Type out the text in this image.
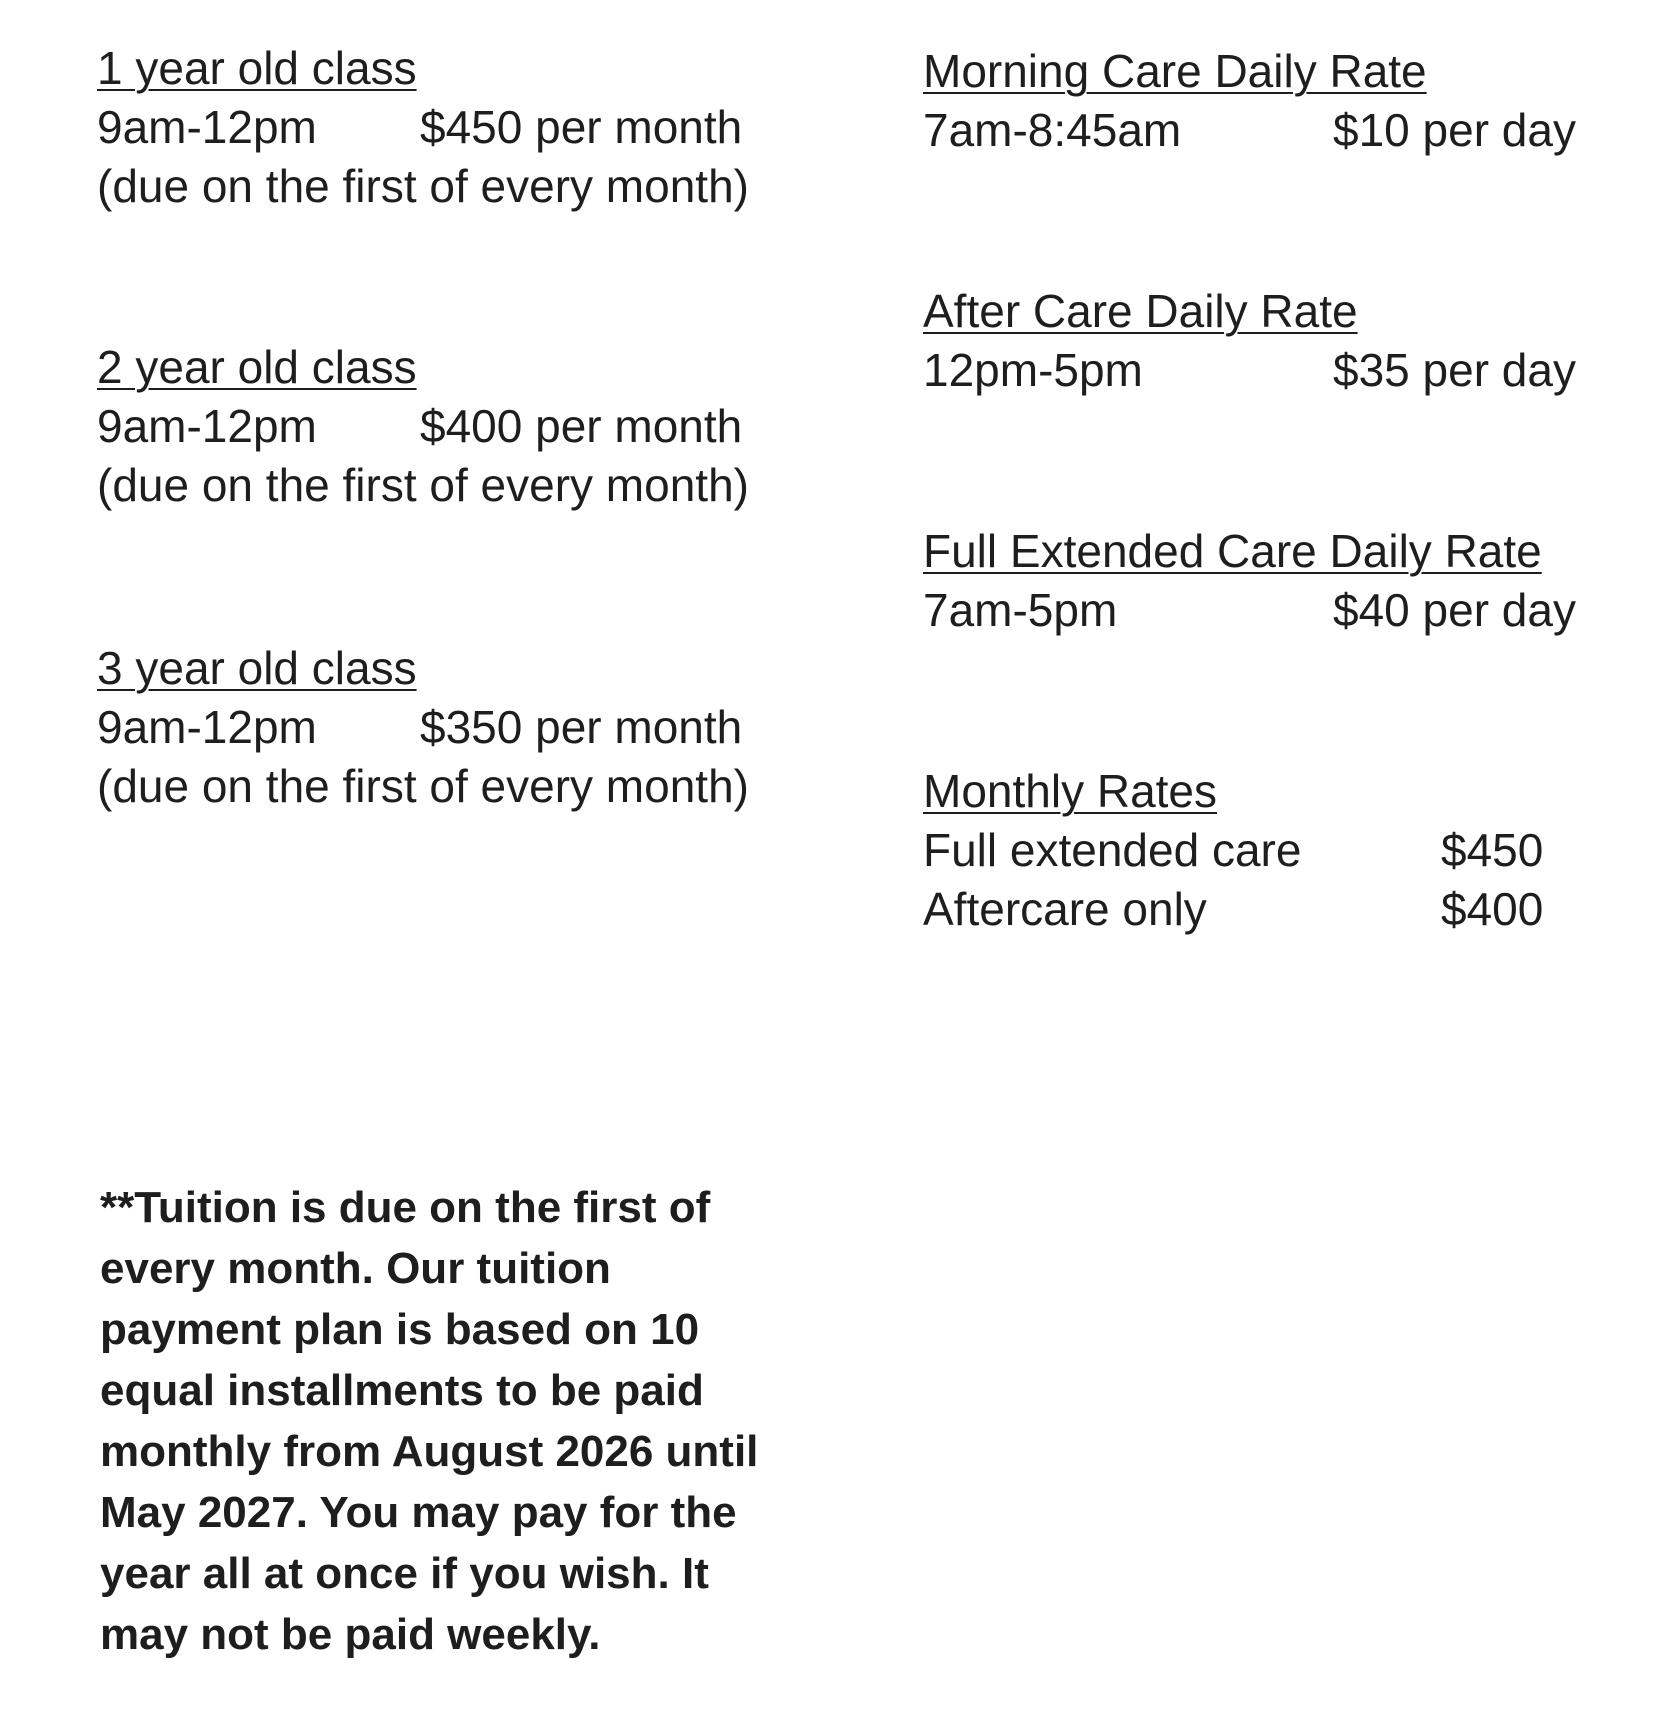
1 year old class
9am-12pm $450 per month
(due on the first of every month)
2 year old class
9am-12pm $400 per month
(due on the first of every month)
3 year old class
9am-12pm $350 per month
(due on the first of every month)
Morning Care Daily Rate
7am-8:45am	$10 per day
After Care Daily Rate
12pm-5pm	$35 per day
Full Extended Care Daily Rate
7am-5pm	$40 per day
Monthly Rates
Full extended care	$450
Aftercare only	$400
**Tuition is due on the first of
every month. Our tuition
payment plan is based on 10
equal installments to be paid
monthly from August 2026 until
May 2027. You may pay for the
year all at once if you wish. It
may not be paid weekly.
